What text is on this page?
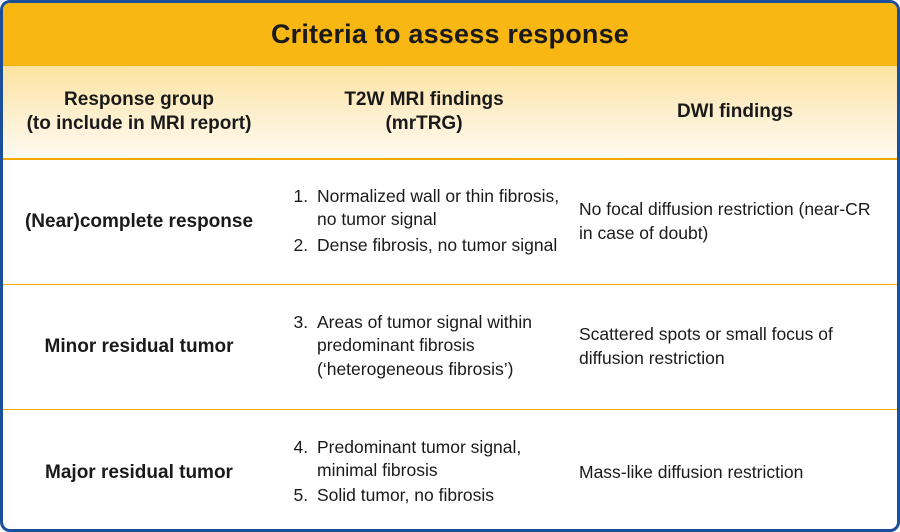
Criteria to assess response
Response group
(to include in MRI report)
T2W MRI findings
(mrTRG)
DWI findings
(Near)complete response
1. Normalized wall or thin fibrosis, no tumor signal
2. Dense fibrosis, no tumor signal
No focal diffusion restriction (near-CR in case of doubt)
Minor residual tumor
3. Areas of tumor signal within predominant fibrosis (‘heterogeneous fibrosis’)
Scattered spots or small focus of diffusion restriction
Major residual tumor
4. Predominant tumor signal, minimal fibrosis
5. Solid tumor, no fibrosis
Mass-like diffusion restriction
